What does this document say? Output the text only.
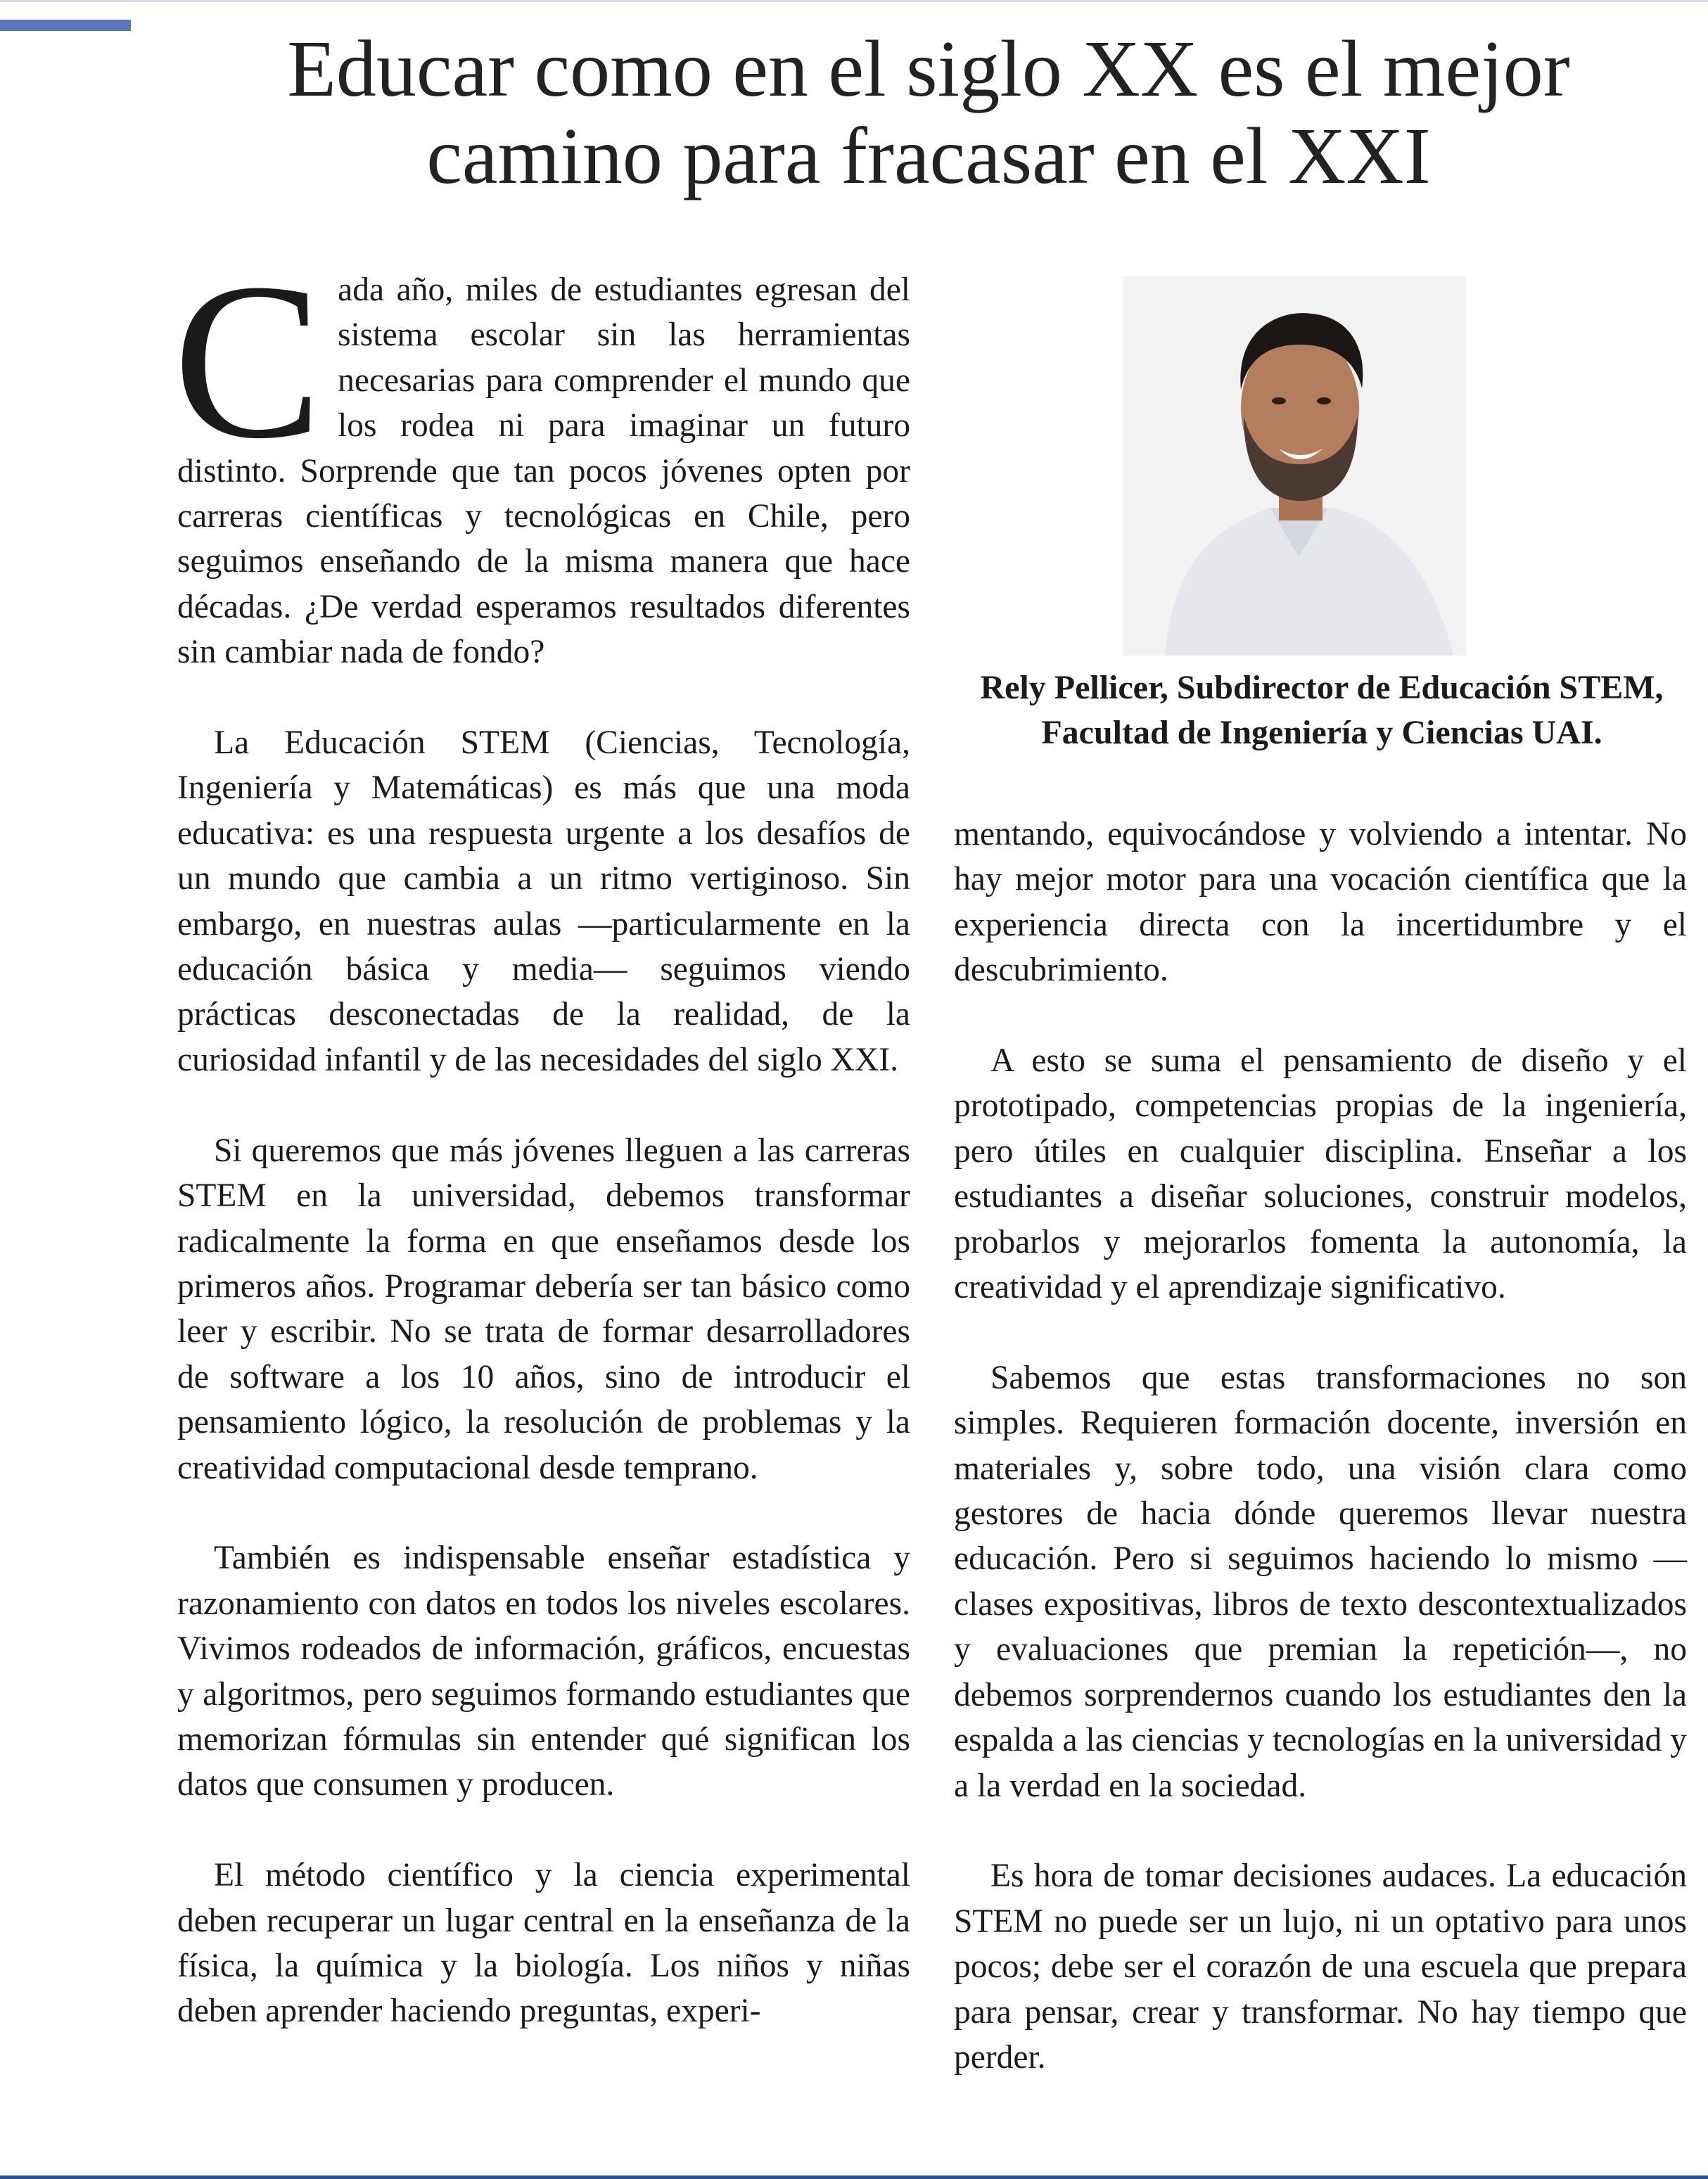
Educar como en el siglo XX es el mejor camino para fracasar en el XXI

Cada año, miles de estudiantes egresan del sistema escolar sin las herramientas necesarias para comprender el mundo que los rodea ni para imaginar un futuro distinto. Sorprende que tan pocos jóvenes opten por carreras científicas y tecnológicas en Chile, pero seguimos enseñando de la misma manera que hace décadas. ¿De verdad esperamos resultados diferentes sin cambiar nada de fondo?

La Educación STEM (Ciencias, Tecnología, Ingeniería y Matemáticas) es más que una moda educativa: es una respuesta urgente a los desafíos de un mundo que cambia a un ritmo vertiginoso. Sin embargo, en nuestras aulas —particularmente en la educación básica y media— seguimos viendo prácticas desconectadas de la realidad, de la curiosidad infantil y de las necesidades del siglo XXI.

Si queremos que más jóvenes lleguen a las carreras STEM en la universidad, debemos transformar radicalmente la forma en que enseñamos desde los primeros años. Programar debería ser tan básico como leer y escribir. No se trata de formar desarrolladores de software a los 10 años, sino de introducir el pensamiento lógico, la resolución de problemas y la creatividad computacional desde temprano.

También es indispensable enseñar estadística y razonamiento con datos en todos los niveles escolares. Vivimos rodeados de información, gráficos, encuestas y algoritmos, pero seguimos formando estudiantes que memorizan fórmulas sin entender qué significan los datos que consumen y producen.

El método científico y la ciencia experimental deben recuperar un lugar central en la enseñanza de la física, la química y la biología. Los niños y niñas deben aprender haciendo preguntas, experi-

Rely Pellicer, Subdirector de Educación STEM, Facultad de Ingeniería y Ciencias UAI.

mentando, equivocándose y volviendo a intentar. No hay mejor motor para una vocación científica que la experiencia directa con la incertidumbre y el descubrimiento.

A esto se suma el pensamiento de diseño y el prototipado, competencias propias de la ingeniería, pero útiles en cualquier disciplina. Enseñar a los estudiantes a diseñar soluciones, construir modelos, probarlos y mejorarlos fomenta la autonomía, la creatividad y el aprendizaje significativo.

Sabemos que estas transformaciones no son simples. Requieren formación docente, inversión en materiales y, sobre todo, una visión clara como gestores de hacia dónde queremos llevar nuestra educación. Pero si seguimos haciendo lo mismo —clases expositivas, libros de texto descontextualizados y evaluaciones que premian la repetición—, no debemos sorprendernos cuando los estudiantes den la espalda a las ciencias y tecnologías en la universidad y a la verdad en la sociedad.

Es hora de tomar decisiones audaces. La educación STEM no puede ser un lujo, ni un optativo para unos pocos; debe ser el corazón de una escuela que prepara para pensar, crear y transformar. No hay tiempo que perder.
